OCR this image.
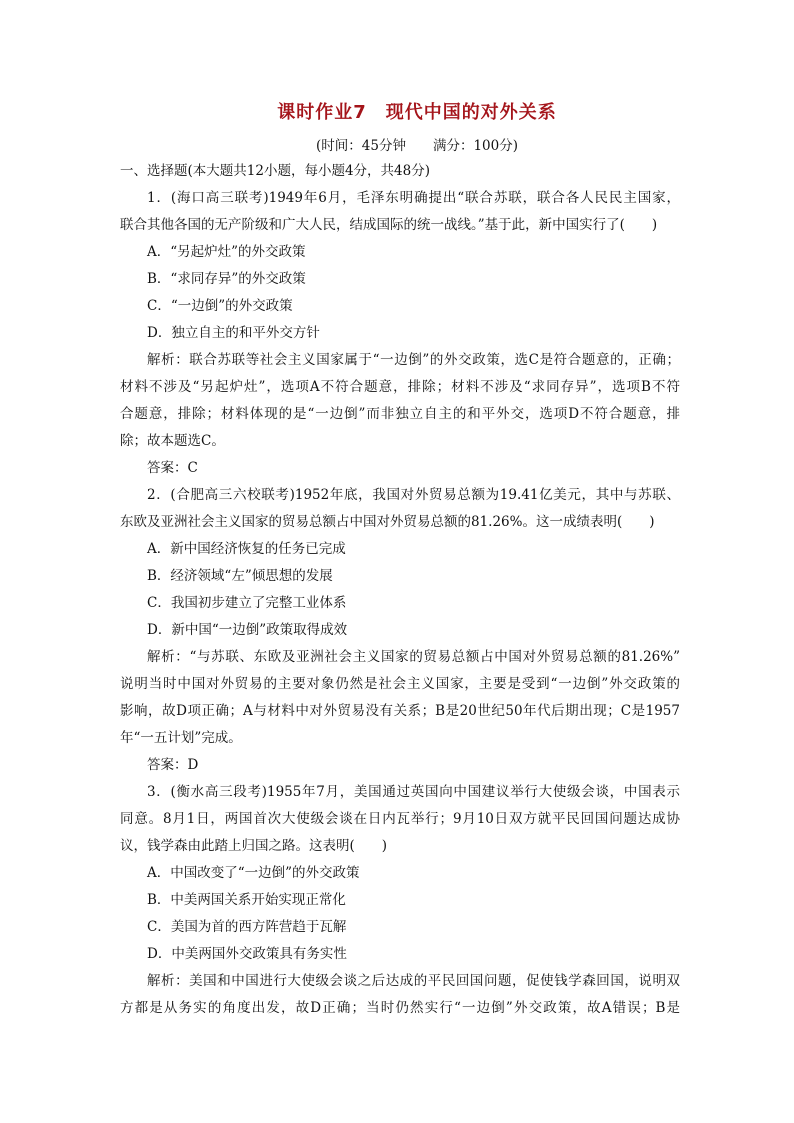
课时作业7　现代中国的对外关系
(时间：45分钟　　满分：100分)
一、选择题(本大题共12小题，每小题4分，共48分)
1．(海口高三联考)1949年6月，毛泽东明确提出“联合苏联，联合各人民民主国家，
联合其他各国的无产阶级和广大人民，结成国际的统一战线。”基于此，新中国实行了(　　)
A．“另起炉灶”的外交政策
B．“求同存异”的外交政策
C．“一边倒”的外交政策
D．独立自主的和平外交方针
解析：联合苏联等社会主义国家属于“一边倒”的外交政策，选C是符合题意的，正确；
材料不涉及“另起炉灶”，选项A不符合题意，排除；材料不涉及“求同存异”，选项B不符
合题意，排除；材料体现的是“一边倒”而非独立自主的和平外交，选项D不符合题意，排
除；故本题选C。
答案：C
2．(合肥高三六校联考)1952年底，我国对外贸易总额为19.41亿美元，其中与苏联、
东欧及亚洲社会主义国家的贸易总额占中国对外贸易总额的81.26%。这一成绩表明(　　)
A．新中国经济恢复的任务已完成
B．经济领域“左”倾思想的发展
C．我国初步建立了完整工业体系
D．新中国“一边倒”政策取得成效
解析：“与苏联、东欧及亚洲社会主义国家的贸易总额占中国对外贸易总额的81.26%”
说明当时中国对外贸易的主要对象仍然是社会主义国家，主要是受到“一边倒”外交政策的
影响，故D项正确；A与材料中对外贸易没有关系；B是20世纪50年代后期出现；C是1957
年“一五计划”完成。
答案：D
3．(衡水高三段考)1955年7月，美国通过英国向中国建议举行大使级会谈，中国表示
同意。8月1日，两国首次大使级会谈在日内瓦举行；9月10日双方就平民回国问题达成协
议，钱学森由此踏上归国之路。这表明(　　)
A．中国改变了“一边倒”的外交政策
B．中美两国关系开始实现正常化
C．美国为首的西方阵营趋于瓦解
D．中美两国外交政策具有务实性
解析：美国和中国进行大使级会谈之后达成的平民回国问题，促使钱学森回国，说明双
方都是从务实的角度出发，故D正确；当时仍然实行“一边倒”外交政策，故A错误；B是
